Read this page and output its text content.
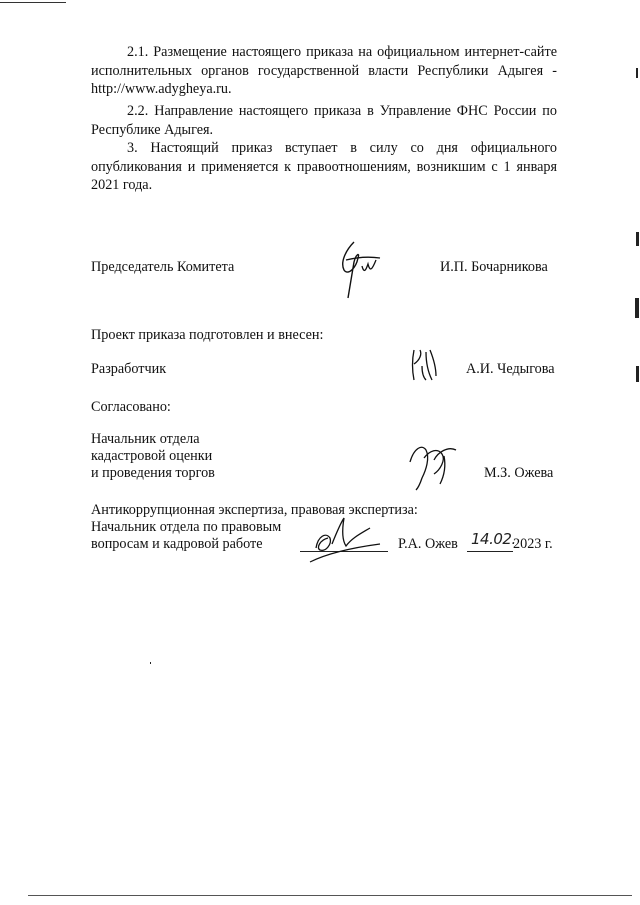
2.1. Размещение настоящего приказа на официальном интернет-сайте исполнительных органов государственной власти Республики Адыгея - http://www.adygheya.ru.

2.2. Направление настоящего приказа в Управление ФНС России по Республике Адыгея.

3. Настоящий приказ вступает в силу со дня официального опубликования и применяется к правоотношениям, возникшим с 1 января 2021 года.

Председатель Комитета	И.П. Бочарникова
Проект приказа подготовлен и внесен:
Разработчик	А.И. Чедыгова
Согласовано:
Начальник отдела
кадастровой оценки
и проведения торгов	М.З. Ожева
Антикоррупционная экспертиза, правовая экспертиза:
Начальник отдела по правовым
вопросам и кадровой работе	Р.А. Ожев 14.02.
2023 г.
